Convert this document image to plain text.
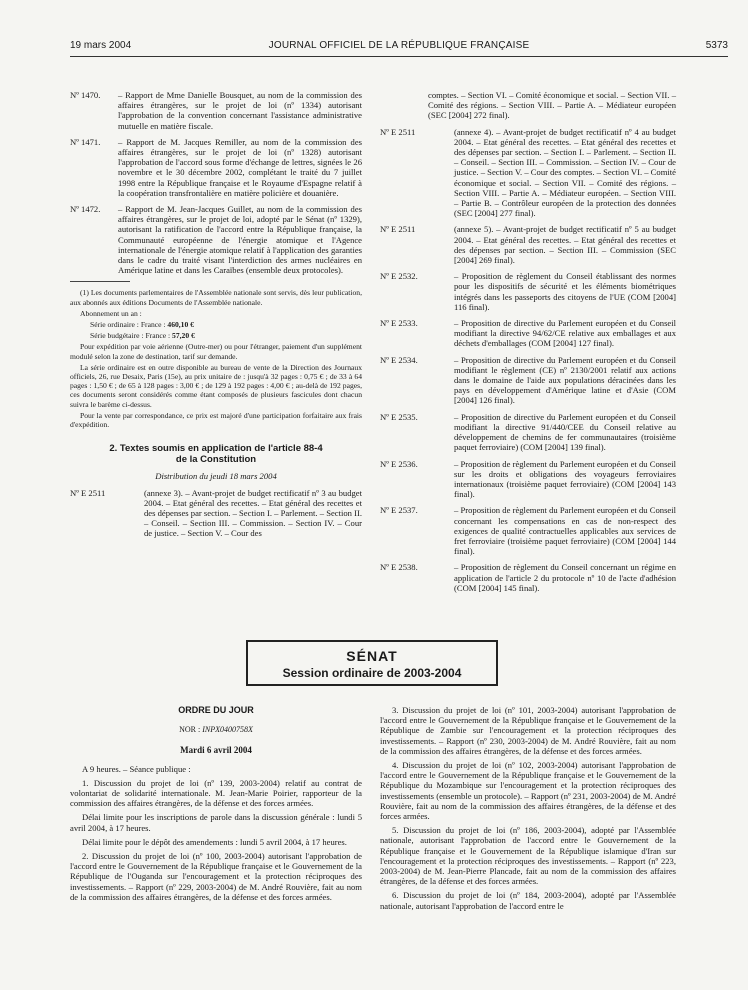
19 mars 2004	JOURNAL OFFICIEL DE LA RÉPUBLIQUE FRANÇAISE	5373
Nº 1470.	– Rapport de Mme Danielle Bousquet, au nom de la commission des affaires étrangères, sur le projet de loi (nº 1334) autorisant l'approbation de la convention concernant l'assistance administrative mutuelle en matière fiscale.
Nº 1471.	– Rapport de M. Jacques Remiller, au nom de la commission des affaires étrangères, sur le projet de loi (nº 1328) autorisant l'approbation de l'accord sous forme d'échange de lettres, signées le 26 novembre et le 30 décembre 2002, complétant le traité du 7 juillet 1998 entre la République française et le Royaume d'Espagne relatif à la coopération transfrontalière en matière policière et douanière.
Nº 1472.	– Rapport de M. Jean-Jacques Guillet, au nom de la commission des affaires étrangères, sur le projet de loi, adopté par le Sénat (nº 1329), autorisant la ratification de l'accord entre la République française, la Communauté européenne de l'énergie atomique et l'Agence internationale de l'énergie atomique relatif à l'application des garanties dans le cadre du traité visant l'interdiction des armes nucléaires en Amérique latine et dans les Caraïbes (ensemble deux protocoles).

(1) Les documents parlementaires de l'Assemblée nationale sont servis, dès leur publication, aux abonnés aux éditions Documents de l'Assemblée nationale.

Abonnement un an :

Série ordinaire : France : 460,10 €

Série budgétaire : France : 57,20 €

Pour expédition par voie aérienne (Outre-mer) ou pour l'étranger, paiement d'un supplément modulé selon la zone de destination, tarif sur demande.

La série ordinaire est en outre disponible au bureau de vente de la Direction des Journaux officiels, 26, rue Desaix, Paris (15e), au prix unitaire de : jusqu'à 32 pages : 0,75 € ; de 33 à 64 pages : 1,50 € ; de 65 à 128 pages : 3,00 € ; de 129 à 192 pages : 4,00 € ; au-delà de 192 pages, ces documents seront considérés comme étant composés de plusieurs fascicules dont chacun suivra le barème ci-dessus.

Pour la vente par correspondance, ce prix est majoré d'une participation forfaitaire aux frais d'expédition.

2. Textes soumis en application de l'article 88-4
de la Constitution
Distribution du jeudi 18 mars 2004
Nº E 2511	(annexe 3). – Avant-projet de budget rectificatif nº 3 au budget 2004. – Etat général des recettes. – Etat général des recettes et des dépenses par section. – Section I. – Parlement. – Section II. – Conseil. – Section III. – Commission. – Section IV. – Cour de justice. – Section V. – Cour des
comptes. – Section VI. – Comité économique et social. – Section VII. – Comité des régions. – Section VIII. – Partie A. – Médiateur européen (SEC [2004] 272 final).
Nº E 2511	(annexe 4). – Avant-projet de budget rectificatif nº 4 au budget 2004. – Etat général des recettes. – Etat général des recettes et des dépenses par section. – Section I. – Parlement. – Section II. – Conseil. – Section III. – Commission. – Section IV. – Cour de justice. – Section V. – Cour des comptes. – Section VI. – Comité économique et social. – Section VII. – Comité des régions. – Section VIII. – Partie A. – Médiateur européen. – Section VIII. – Partie B. – Contrôleur européen de la protection des données (SEC [2004] 277 final).
Nº E 2511	(annexe 5). – Avant-projet de budget rectificatif nº 5 au budget 2004. – Etat général des recettes. – Etat général des recettes et des dépenses par section. – Section III. – Commission (SEC [2004] 269 final).
Nº E 2532.	– Proposition de règlement du Conseil établissant des normes pour les dispositifs de sécurité et les éléments biométriques intégrés dans les passeports des citoyens de l'UE (COM [2004] 116 final).
Nº E 2533.	– Proposition de directive du Parlement européen et du Conseil modifiant la directive 94/62/CE relative aux emballages et aux déchets d'emballages (COM [2004] 127 final).
Nº E 2534.	– Proposition de directive du Parlement européen et du Conseil modifiant le règlement (CE) nº 2130/2001 relatif aux actions dans le domaine de l'aide aux populations déracinées dans les pays en développement d'Amérique latine et d'Asie (COM [2004] 126 final).
Nº E 2535.	– Proposition de directive du Parlement européen et du Conseil modifiant la directive 91/440/CEE du Conseil relative au développement de chemins de fer communautaires (troisième paquet ferroviaire) (COM [2004] 139 final).
Nº E 2536.	– Proposition de règlement du Parlement européen et du Conseil sur les droits et obligations des voyageurs ferroviaires internationaux (troisième paquet ferroviaire) (COM [2004] 143 final).
Nº E 2537.	– Proposition de règlement du Parlement européen et du Conseil concernant les compensations en cas de non-respect des exigences de qualité contractuelles applicables aux services de fret ferroviaire (troisième paquet ferroviaire) (COM [2004] 144 final).
Nº E 2538.	– Proposition de règlement du Conseil concernant un régime en application de l'article 2 du protocole nº 10 de l'acte d'adhésion (COM [2004] 145 final).
SÉNAT
Session ordinaire de 2003-2004
ORDRE DU JOUR
NOR : INPX0400758X
Mardi 6 avril 2004

A 9 heures. – Séance publique :

1. Discussion du projet de loi (nº 139, 2003-2004) relatif au contrat de volontariat de solidarité internationale. M. Jean-Marie Poirier, rapporteur de la commission des affaires étrangères, de la défense et des forces armées.

Délai limite pour les inscriptions de parole dans la discussion générale : lundi 5 avril 2004, à 17 heures.

Délai limite pour le dépôt des amendements : lundi 5 avril 2004, à 17 heures.

2. Discussion du projet de loi (nº 100, 2003-2004) autorisant l'approbation de l'accord entre le Gouvernement de la République française et le Gouvernement de la République de l'Ouganda sur l'encouragement et la protection réciproques des investissements. – Rapport (nº 229, 2003-2004) de M. André Rouvière, fait au nom de la commission des affaires étrangères, de la défense et des forces armées.

3. Discussion du projet de loi (nº 101, 2003-2004) autorisant l'approbation de l'accord entre le Gouvernement de la République française et le Gouvernement de la République de Zambie sur l'encouragement et la protection réciproques des investissements. – Rapport (nº 230, 2003-2004) de M. André Rouvière, fait au nom de la commission des affaires étrangères, de la défense et des forces armées.

4. Discussion du projet de loi (nº 102, 2003-2004) autorisant l'approbation de l'accord entre le Gouvernement de la République française et le Gouvernement de la République du Mozambique sur l'encouragement et la protection réciproques des investissements (ensemble un protocole). – Rapport (nº 231, 2003-2004) de M. André Rouvière, fait au nom de la commission des affaires étrangères, de la défense et des forces armées.

5. Discussion du projet de loi (nº 186, 2003-2004), adopté par l'Assemblée nationale, autorisant l'approbation de l'accord entre le Gouvernement de la République française et le Gouvernement de la République islamique d'Iran sur l'encouragement et la protection réciproques des investissements. – Rapport (nº 223, 2003-2004) de M. Jean-Pierre Plancade, fait au nom de la commission des affaires étrangères, de la défense et des forces armées.

6. Discussion du projet de loi (nº 184, 2003-2004), adopté par l'Assemblée nationale, autorisant l'approbation de l'accord entre le
